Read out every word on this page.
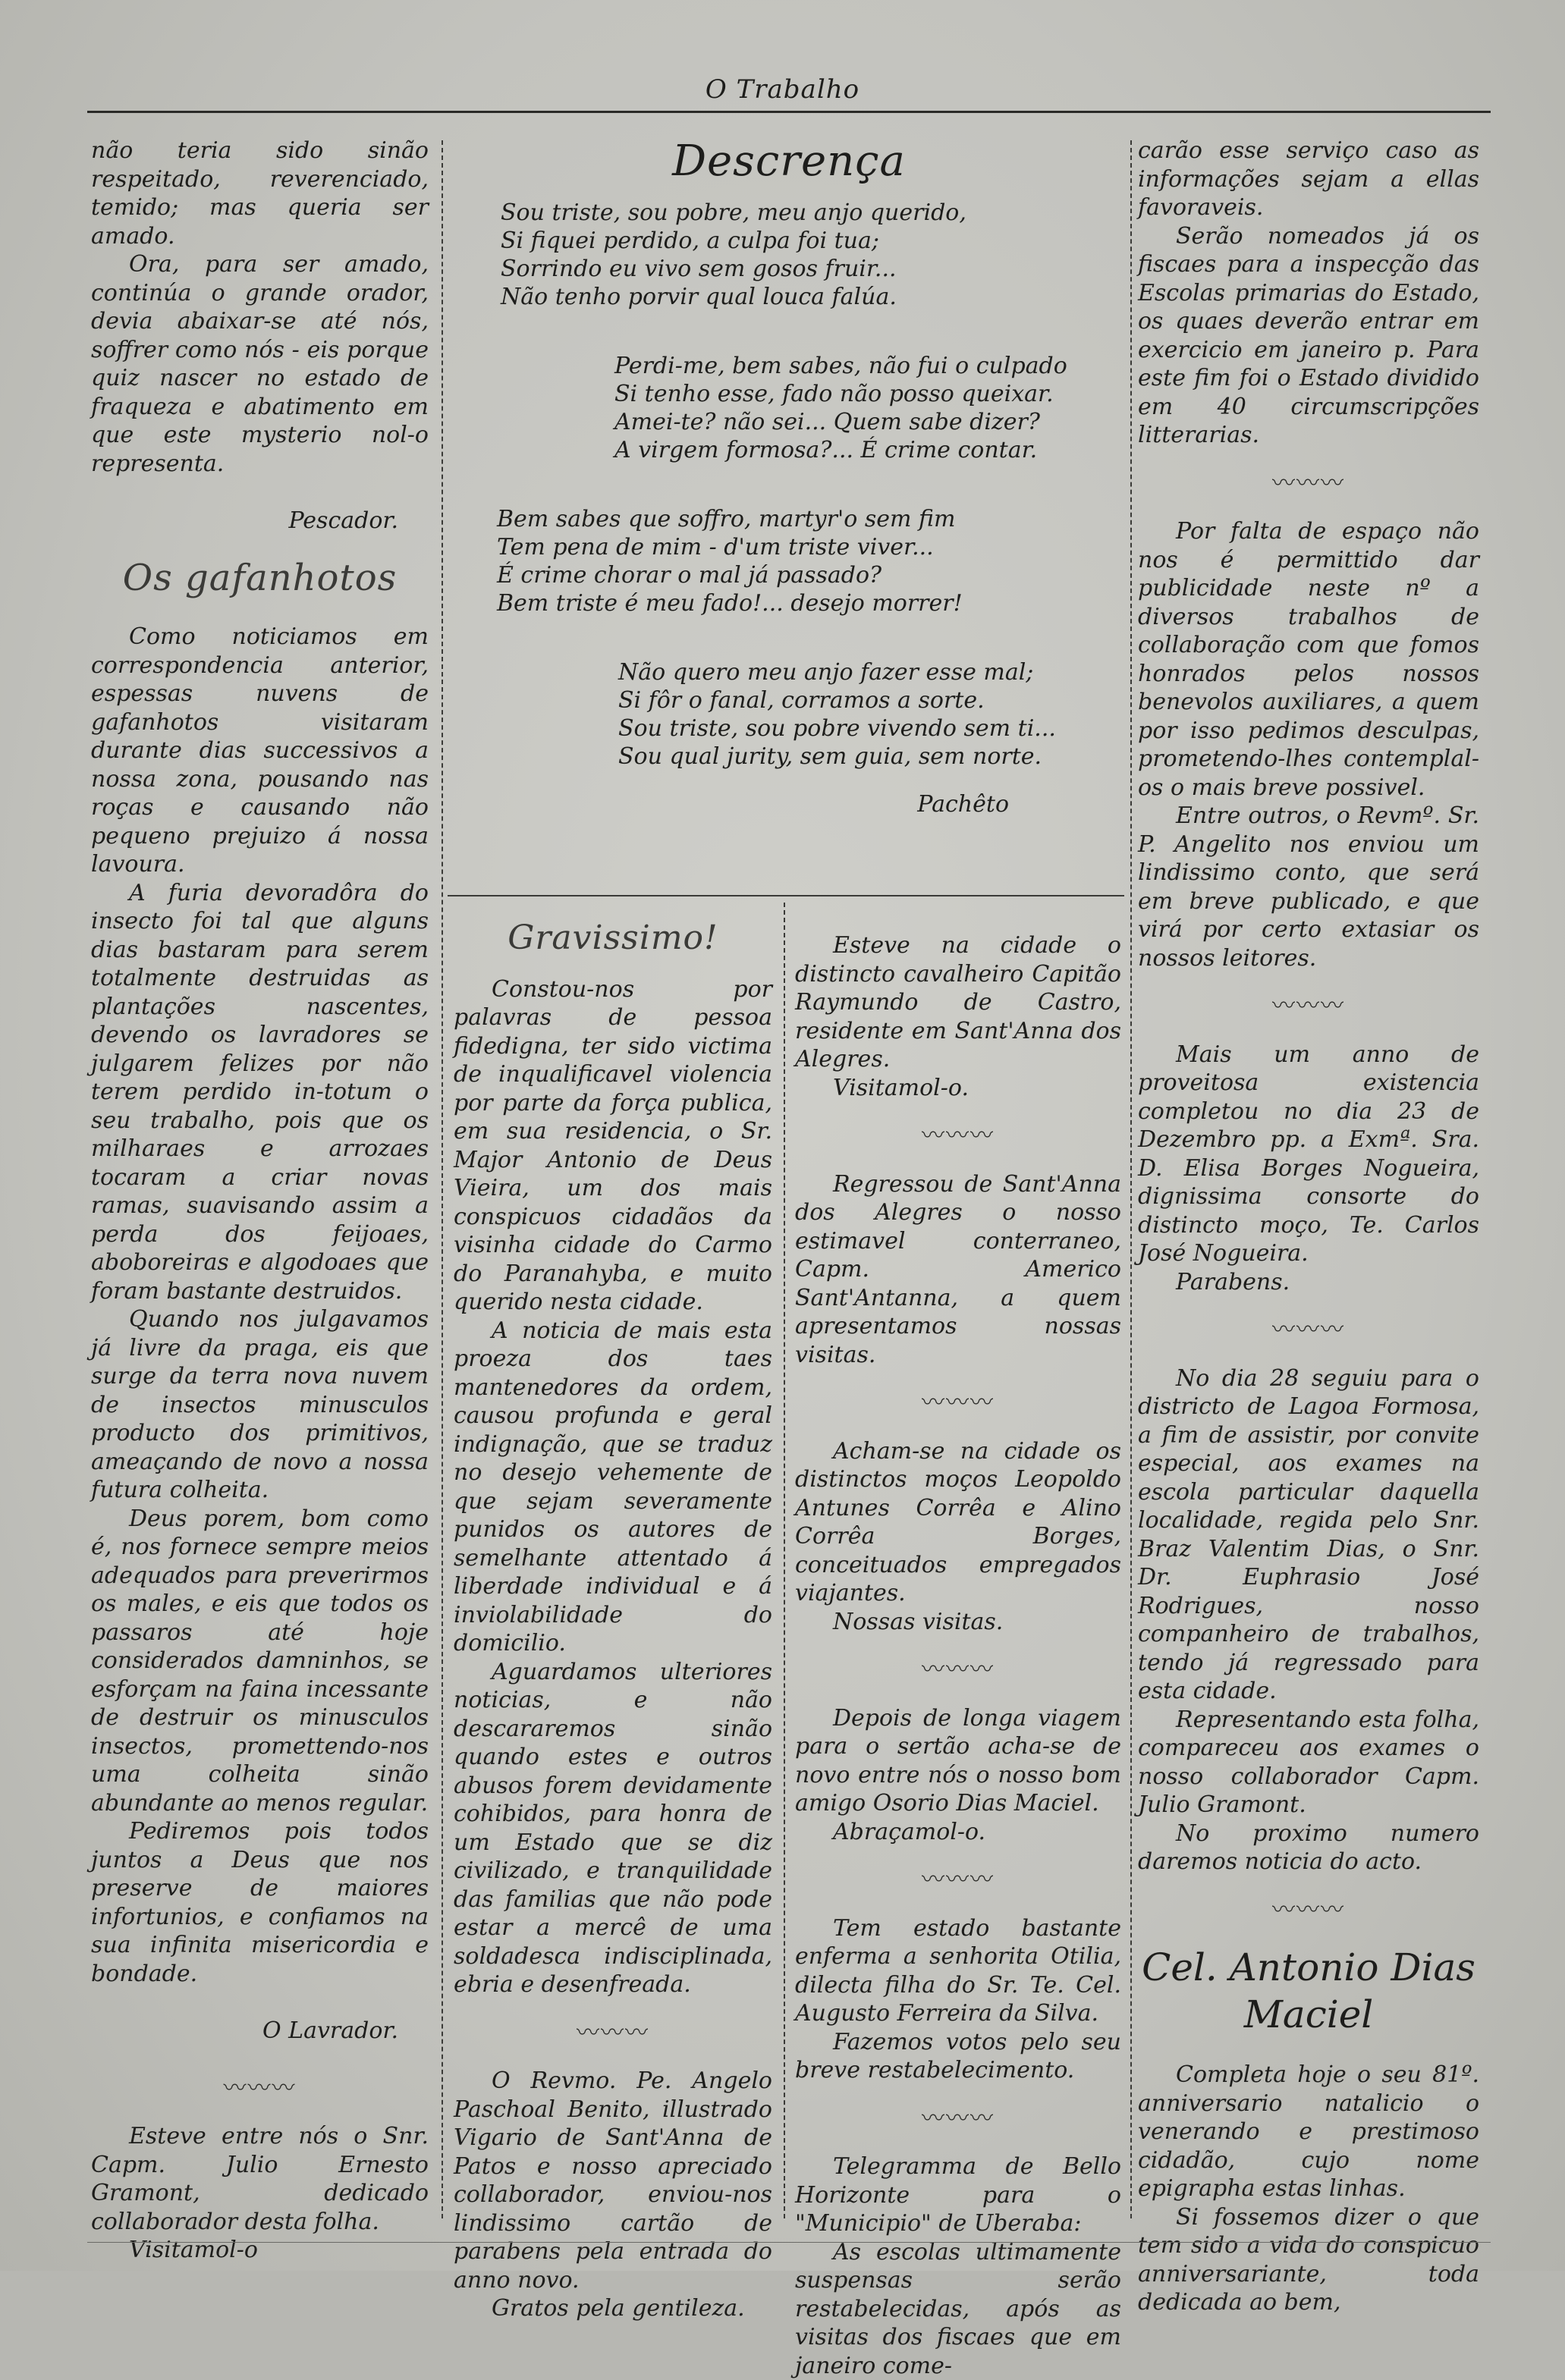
O Trabalho

não teria sido sinão respeitado, reverenciado, temido; mas queria ser amado.

Ora, para ser amado, continúa o grande orador, devia abaixar-se até nós, soffrer como nós - eis porque quiz nascer no estado de fraqueza e abatimento em que este mysterio nol-o representa.

Pescador.

Os gafanhotos

Como noticiamos em correspondencia anterior, espessas nuvens de gafanhotos visitaram durante dias successivos a nossa zona, pousando nas roças e causando não pequeno prejuizo á nossa lavoura.

A furia devoradôra do insecto foi tal que alguns dias bastaram para serem totalmente destruidas as plantações nascentes, devendo os lavradores se julgarem felizes por não terem perdido in-totum o seu trabalho, pois que os milharaes e arrozaes tocaram a criar novas ramas, suavisando assim a perda dos feijoaes, aboboreiras e algodoaes que foram bastante destruidos.

Quando nos julgavamos já livre da praga, eis que surge da terra nova nuvem de insectos minusculos producto dos primitivos, ameaçando de novo a nossa futura colheita.

Deus porem, bom como é, nos fornece sempre meios adequados para preverirmos os males, e eis que todos os passaros até hoje considerados damninhos, se esforçam na faina incessante de destruir os minusculos insectos, promettendo-nos uma colheita sinão abundante ao menos regular.

Pediremos pois todos juntos a Deus que nos preserve de maiores infortunios, e confiamos na sua infinita misericordia e bondade.

O Lavrador.

〰〰〰

Esteve entre nós o Snr. Capm. Julio Ernesto Gramont, dedicado collaborador desta folha.

Visitamol-o

Descrença
Sou triste, sou pobre, meu anjo querido,
Si fiquei perdido, a culpa foi tua;
Sorrindo eu vivo sem gosos fruir...
Não tenho porvir qual louca falúa.
Perdi-me, bem sabes, não fui o culpado
Si tenho esse, fado não posso queixar.
Amei-te? não sei... Quem sabe dizer?
A virgem formosa?... É crime contar.
Bem sabes que soffro, martyr'o sem fim
Tem pena de mim - d'um triste viver...
É crime chorar o mal já passado?
Bem triste é meu fado!... desejo morrer!
Não quero meu anjo fazer esse mal;
Si fôr o fanal, corramos a sorte.
Sou triste, sou pobre vivendo sem ti...
Sou qual jurity, sem guia, sem norte.
Pachêto
Gravissimo!

Constou-nos por palavras de pessoa fidedigna, ter sido victima de inqualificavel violencia por parte da força publica, em sua residencia, o Sr. Major Antonio de Deus Vieira, um dos mais conspicuos cidadãos da visinha cidade do Carmo do Paranahyba, e muito querido nesta cidade.

A noticia de mais esta proeza dos taes mantenedores da ordem, causou profunda e geral indignação, que se traduz no desejo vehemente de que sejam severamente punidos os autores de semelhante attentado á liberdade individual e á inviolabilidade do domicilio.

Aguardamos ulteriores noticias, e não descararemos sinão quando estes e outros abusos forem devidamente cohibidos, para honra de um Estado que se diz civilizado, e tranquilidade das familias que não pode estar a mercê de uma soldadesca indisciplinada, ebria e desenfreada.

〰〰〰

O Revmo. Pe. Angelo Paschoal Benito, illustrado Vigario de Sant'Anna de Patos e nosso apreciado collaborador, enviou-nos lindissimo cartão de parabens pela entrada do anno novo.

Gratos pela gentileza.

Esteve na cidade o distincto cavalheiro Capitão Raymundo de Castro, residente em Sant'Anna dos Alegres.

Visitamol-o.

〰〰〰

Regressou de Sant'Anna dos Alegres o nosso estimavel conterraneo, Capm. Americo Sant'Antanna, a quem apresentamos nossas visitas.

〰〰〰

Acham-se na cidade os distinctos moços Leopoldo Antunes Corrêa e Alino Corrêa Borges, conceituados empregados viajantes.

Nossas visitas.

〰〰〰

Depois de longa viagem para o sertão acha-se de novo entre nós o nosso bom amigo Osorio Dias Maciel.

Abraçamol-o.

〰〰〰

Tem estado bastante enferma a senhorita Otilia, dilecta filha do Sr. Te. Cel. Augusto Ferreira da Silva.

Fazemos votos pelo seu breve restabelecimento.

〰〰〰

Telegramma de Bello Horizonte para o "Municipio" de Uberaba:

As escolas ultimamente suspensas serão restabelecidas, após as visitas dos fiscaes que em janeiro come-

carão esse serviço caso as informações sejam a ellas favoraveis.

Serão nomeados já os fiscaes para a inspecção das Escolas primarias do Estado, os quaes deverão entrar em exercicio em janeiro p. Para este fim foi o Estado dividido em 40 circumscripções litterarias.

〰〰〰

Por falta de espaço não nos é permittido dar publicidade neste nº a diversos trabalhos de collaboração com que fomos honrados pelos nossos benevolos auxiliares, a quem por isso pedimos desculpas, prometendo-lhes contemplal-os o mais breve possivel.

Entre outros, o Revmº. Sr. P. Angelito nos enviou um lindissimo conto, que será em breve publicado, e que virá por certo extasiar os nossos leitores.

〰〰〰

Mais um anno de proveitosa existencia completou no dia 23 de Dezembro pp. a Exmª. Sra. D. Elisa Borges Nogueira, dignissima consorte do distincto moço, Te. Carlos José Nogueira.

Parabens.

〰〰〰

No dia 28 seguiu para o districto de Lagoa Formosa, a fim de assistir, por convite especial, aos exames na escola particular daquella localidade, regida pelo Snr. Braz Valentim Dias, o Snr. Dr. Euphrasio José Rodrigues, nosso companheiro de trabalhos, tendo já regressado para esta cidade.

Representando esta folha, compareceu aos exames o nosso collaborador Capm. Julio Gramont.

No proximo numero daremos noticia do acto.

〰〰〰
Cel. Antonio Dias Maciel

Completa hoje o seu 81º. anniversario natalicio o venerando e prestimoso cidadão, cujo nome epigrapha estas linhas.

Si fossemos dizer o que tem sido a vida do conspicuo anniversariante, toda dedicada ao bem,
